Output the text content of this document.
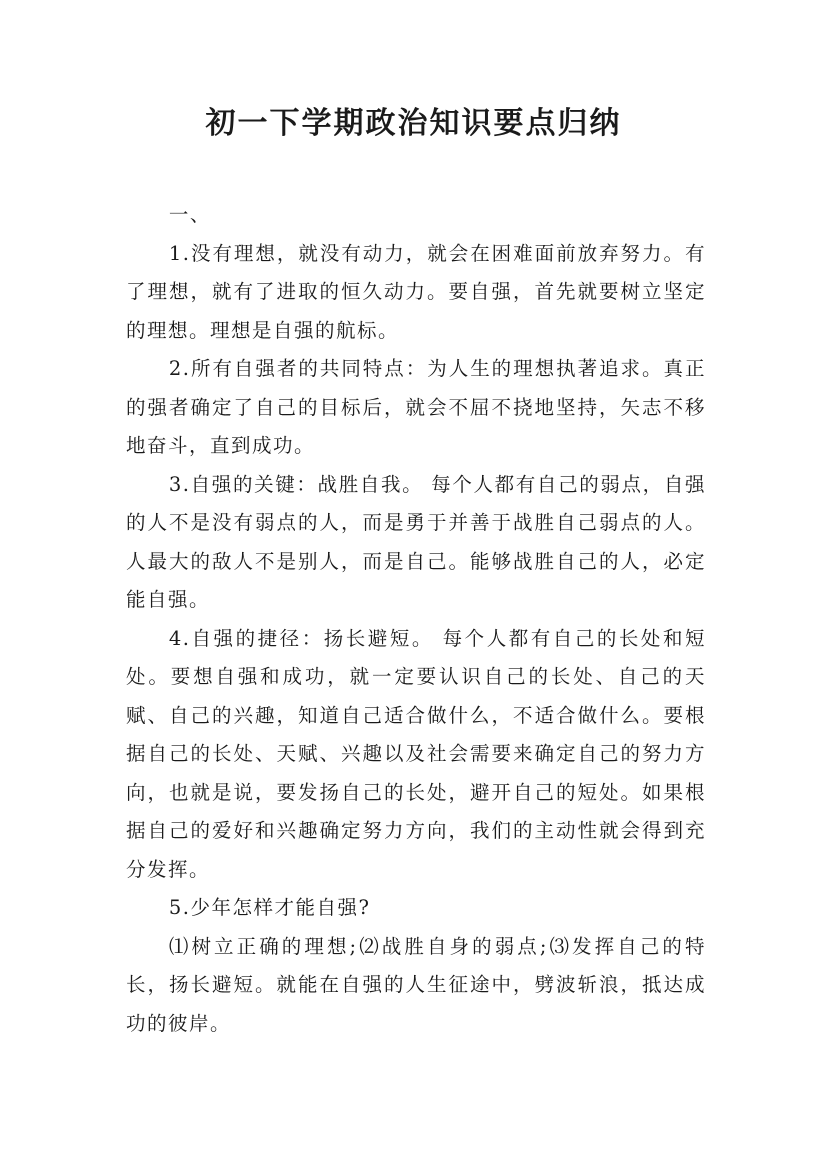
初一下学期政治知识要点归纳

一、

1.没有理想，就没有动力，就会在困难面前放弃努力。有了理想，就有了进取的恒久动力。要自强，首先就要树立坚定的理想。理想是自强的航标。

2.所有自强者的共同特点：为人生的理想执著追求。真正的强者确定了自己的目标后，就会不屈不挠地坚持，矢志不移地奋斗，直到成功。

3.自强的关键：战胜自我。 每个人都有自己的弱点，自强的人不是没有弱点的人，而是勇于并善于战胜自己弱点的人。人最大的敌人不是别人，而是自己。能够战胜自己的人，必定能自强。

4.自强的捷径：扬长避短。 每个人都有自己的长处和短处。要想自强和成功，就一定要认识自己的长处、自己的天赋、自己的兴趣，知道自己适合做什么，不适合做什么。要根据自己的长处、天赋、兴趣以及社会需要来确定自己的努力方向，也就是说，要发扬自己的长处，避开自己的短处。如果根据自己的爱好和兴趣确定努力方向，我们的主动性就会得到充分发挥。

5.少年怎样才能自强?

⑴树立正确的理想;⑵战胜自身的弱点;⑶发挥自己的特长，扬长避短。就能在自强的人生征途中，劈波斩浪，抵达成功的彼岸。
